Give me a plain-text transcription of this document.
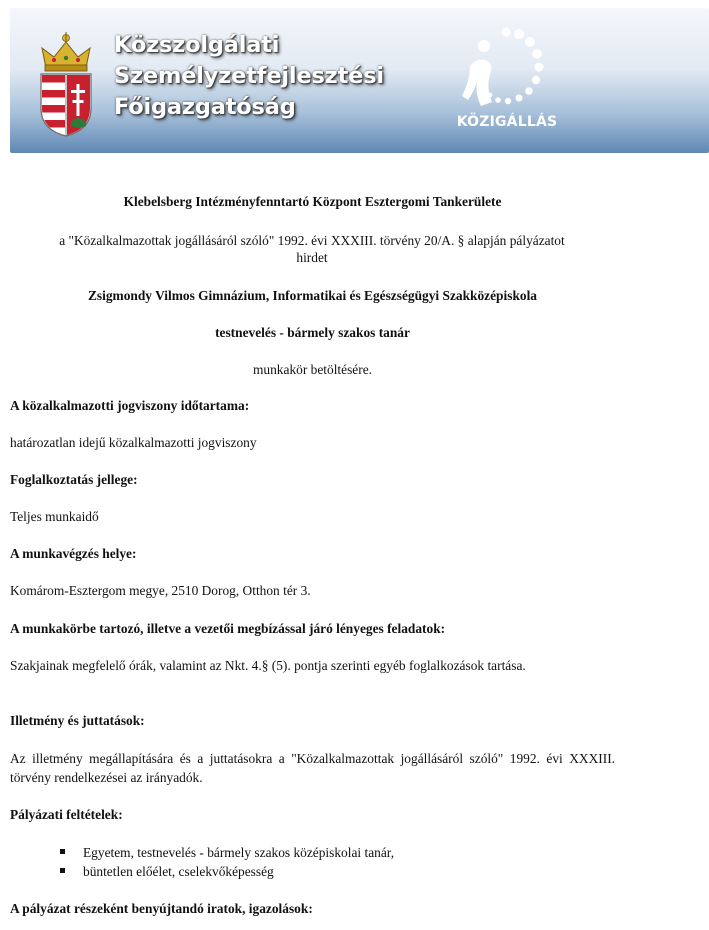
Közszolgálati
Személyzetfejlesztési
Főigazgatóság
KÖZIGÁLLÁS
Klebelsberg Intézményfenntartó Központ Esztergomi Tankerülete
a "Közalkalmazottak jogállásáról szóló" 1992. évi XXXIII. törvény 20/A. § alapján pályázatot hirdet
Zsigmondy Vilmos Gimnázium, Informatikai és Egészségügyi Szakközépiskola
testnevelés - bármely szakos tanár
munkakör betöltésére.
A közalkalmazotti jogviszony időtartama:
határozatlan idejű közalkalmazotti jogviszony
Foglalkoztatás jellege:
Teljes munkaidő
A munkavégzés helye:
Komárom-Esztergom megye, 2510 Dorog, Otthon tér 3.
A munkakörbe tartozó, illetve a vezetői megbízással járó lényeges feladatok:
Szakjainak megfelelő órák, valamint az Nkt. 4.§ (5). pontja szerinti egyéb foglalkozások tartása.
Illetmény és juttatások:
Az illetmény megállapítására és a juttatásokra a "Közalkalmazottak jogállásáról szóló" 1992. évi XXXIII. törvény rendelkezései az irányadók.
Pályázati feltételek:
Egyetem, testnevelés - bármely szakos középiskolai tanár,
büntetlen előélet, cselekvőképesség
A pályázat részeként benyújtandó iratok, igazolások:
